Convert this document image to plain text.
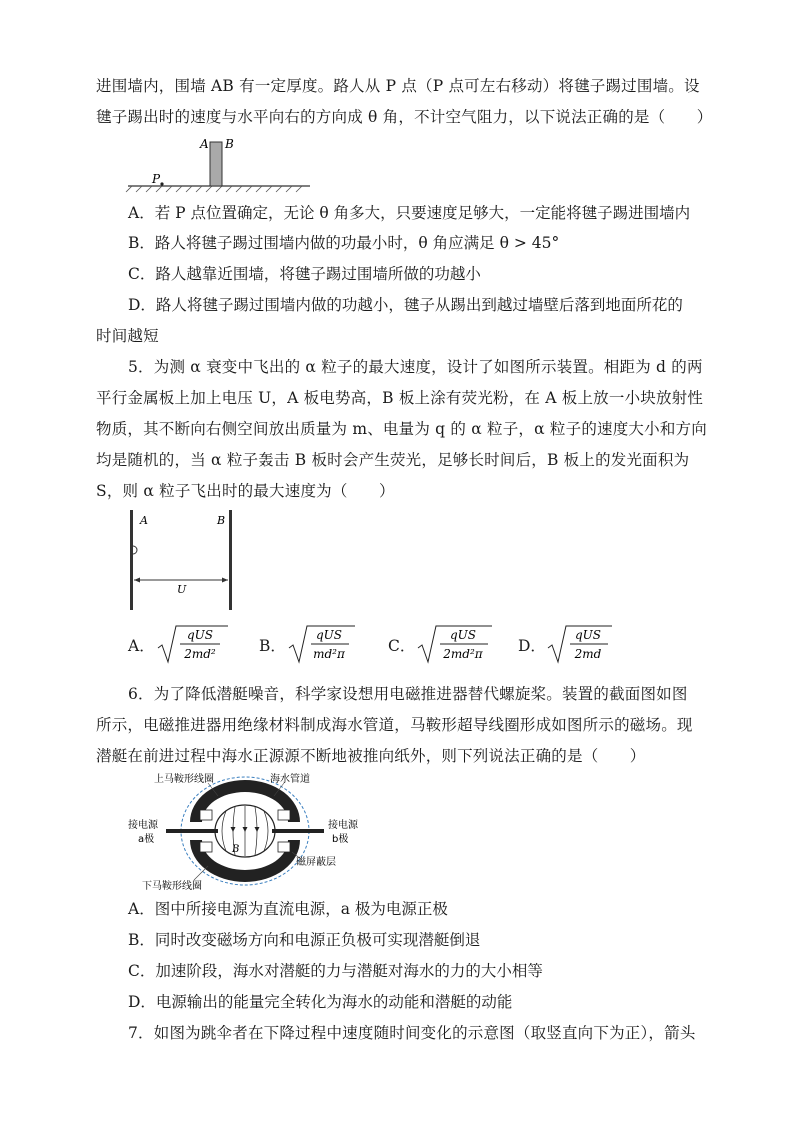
进围墙内，围墙 AB 有一定厚度。路人从 P 点（P 点可左右移动）将毽子踢过围墙。设
毽子踢出时的速度与水平向右的方向成 θ 角，不计空气阻力，以下说法正确的是（　　）
A B
P
A．若 P 点位置确定，无论 θ 角多大，只要速度足够大，一定能将毽子踢进围墙内
B．路人将毽子踢过围墙内做的功最小时，θ 角应满足 θ > 45°
C．路人越靠近围墙，将毽子踢过围墙所做的功越小
D．路人将毽子踢过围墙内做的功越小，毽子从踢出到越过墙壁后落到地面所花的
时间越短
5．为测 α 衰变中飞出的 α 粒子的最大速度，设计了如图所示装置。相距为 d 的两
平行金属板上加上电压 U，A 板电势高，B 板上涂有荧光粉，在 A 板上放一小块放射性
物质，其不断向右侧空间放出质量为 m、电量为 q 的 α 粒子，α 粒子的速度大小和方向
均是随机的，当 α 粒子轰击 B 板时会产生荧光，足够长时间后，B 板上的发光面积为
S，则 α 粒子飞出时的最大速度为（　　）
A	B
U
A．
qUS
2md²	B．
qUS
md²π	C．
qUS
2md²π D．
qUS
2md
6．为了降低潜艇噪音，科学家设想用电磁推进器替代螺旋桨。装置的截面图如图
所示，电磁推进器用绝缘材料制成海水管道，马鞍形超导线圈形成如图所示的磁场。现
潜艇在前进过程中海水正源源不断地被推向纸外，则下列说法正确的是（　　）
上马鞍形线圈	海水管道
接电源
a极
接电源
b极
磁屏蔽层
下马鞍形线圈
B
A．图中所接电源为直流电源，a 极为电源正极
B．同时改变磁场方向和电源正负极可实现潜艇倒退
C．加速阶段，海水对潜艇的力与潜艇对海水的力的大小相等
D．电源输出的能量完全转化为海水的动能和潜艇的动能
7．如图为跳伞者在下降过程中速度随时间变化的示意图（取竖直向下为正），箭头
